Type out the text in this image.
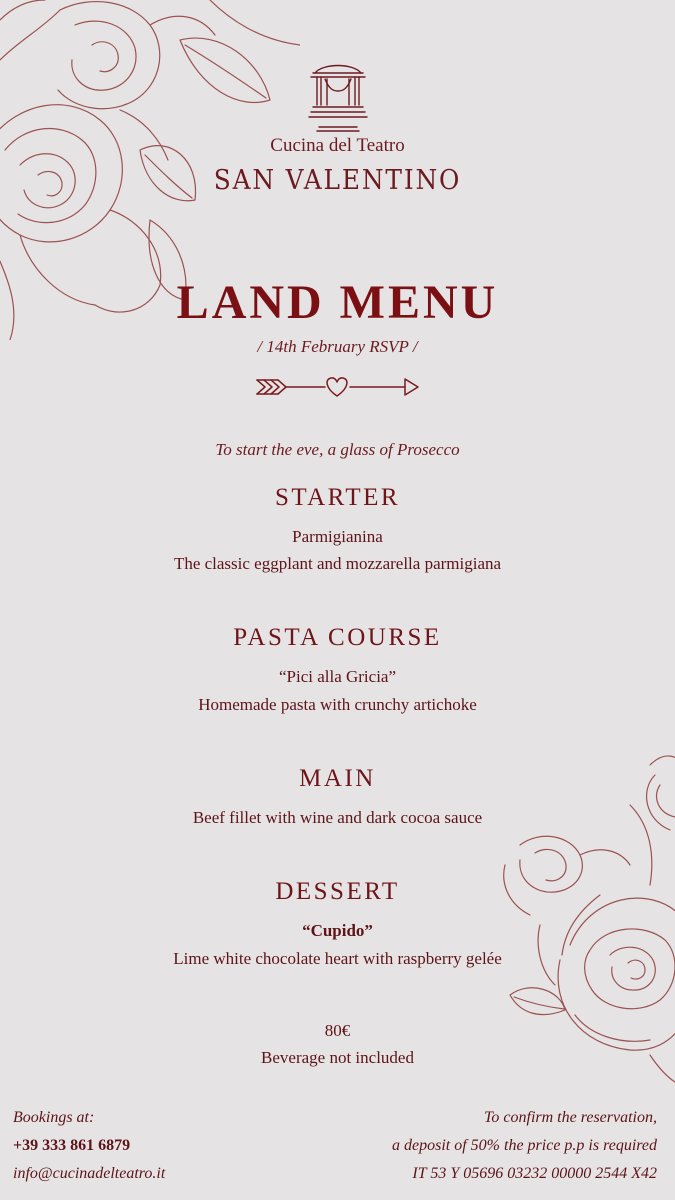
Cucina del Teatro
SAN VALENTINO
LAND MENU
/ 14th February RSVP /
To start the eve, a glass of Prosecco
STARTER
Parmigianina
The classic eggplant and mozzarella parmigiana
PASTA COURSE
“Pici alla Gricia”
Homemade pasta with crunchy artichoke
MAIN
Beef fillet with wine and dark cocoa sauce
DESSERT
“Cupido”
Lime white chocolate heart with raspberry gelée
80€
Beverage not included
Bookings at:
+39 333 861 6879
info@cucinadelteatro.it
To confirm the reservation,
a deposit of 50% the price p.p is required
IT 53 Y 05696 03232 00000 2544 X42
